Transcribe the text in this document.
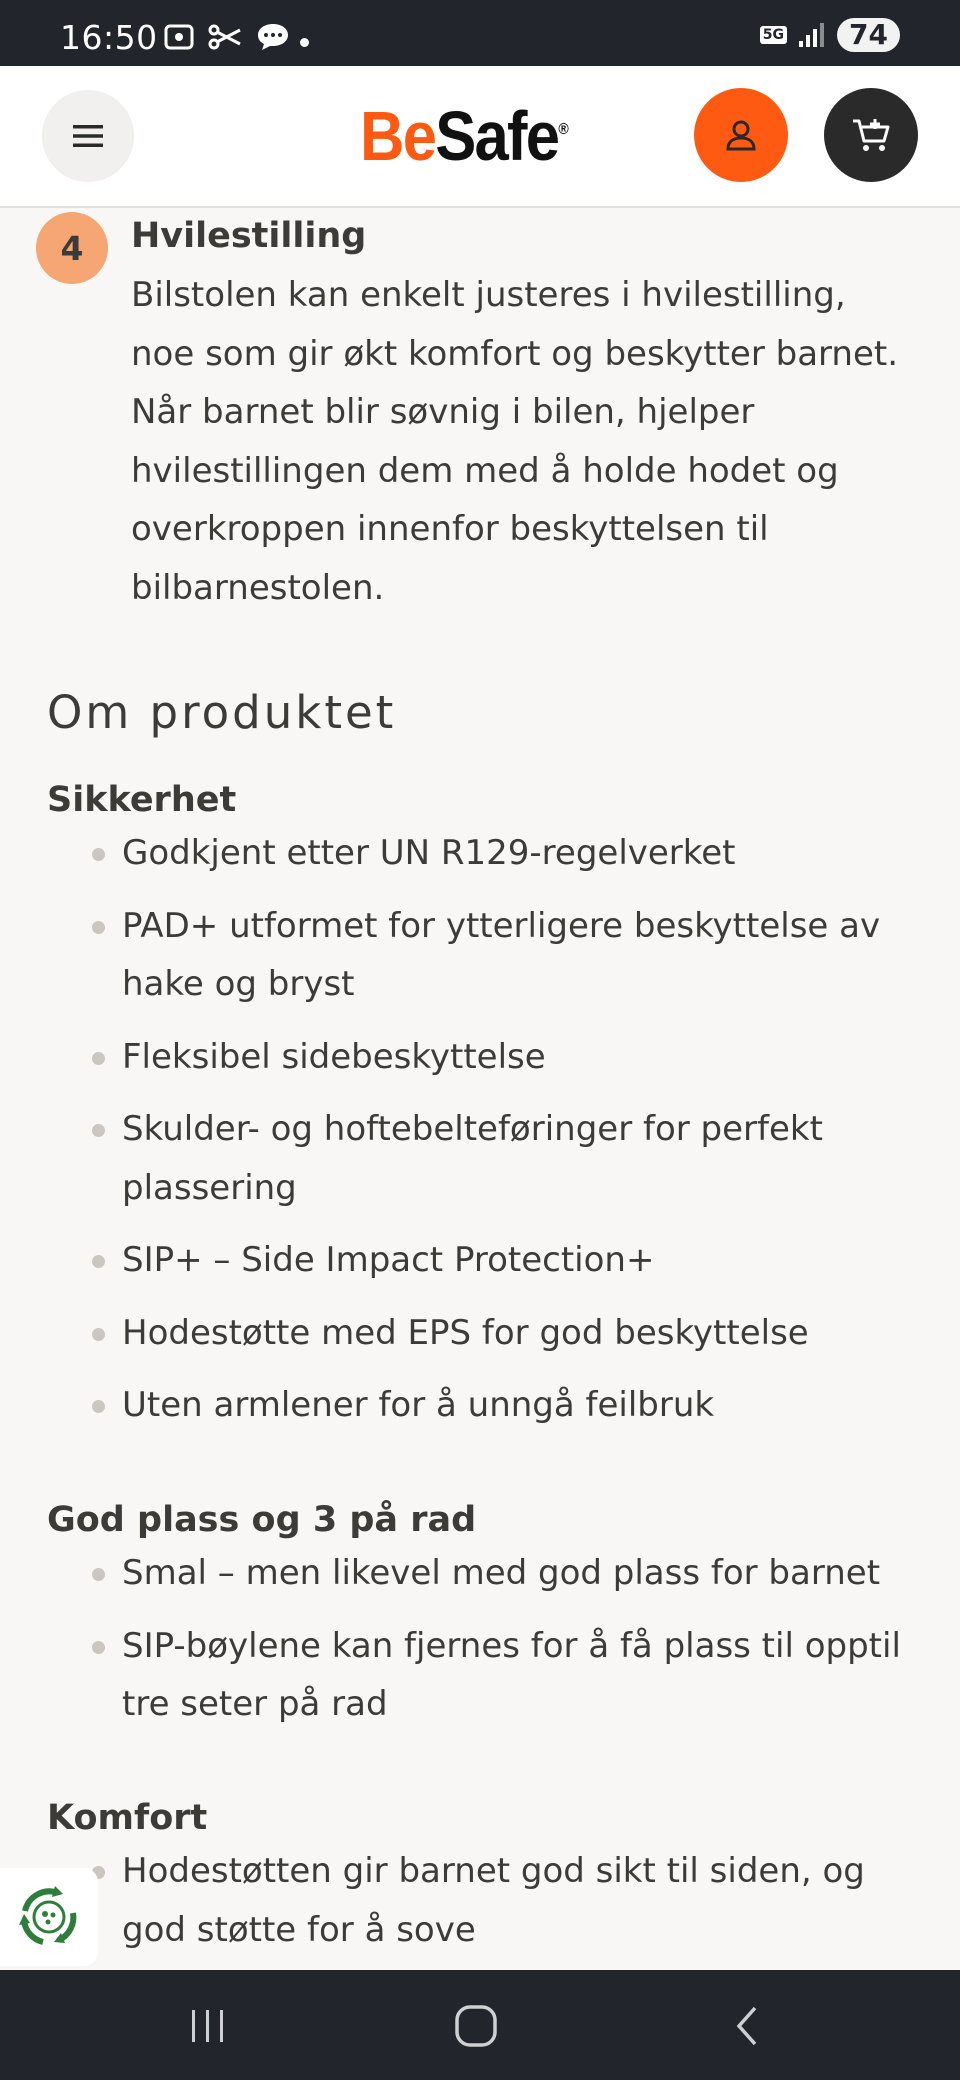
16:50	5G	74
BeSafe®
4	Hvilestilling
Bilstolen kan enkelt justeres i hvilestilling, noe som gir økt komfort og beskytter barnet. Når barnet blir søvnig i bilen, hjelper hvilestillingen dem med å holde hodet og overkroppen innenfor beskyttelsen til bilbarnestolen.
Om produktet
Sikkerhet
Godkjent etter UN R129-regelverket
PAD+ utformet for ytterligere beskyttelse av hake og bryst
Fleksibel sidebeskyttelse
Skulder- og hoftebelteføringer for perfekt plassering
SIP+ – Side Impact Protection+
Hodestøtte med EPS for god beskyttelse
Uten armlener for å unngå feilbruk
God plass og 3 på rad
Smal – men likevel med god plass for barnet
SIP-bøylene kan fjernes for å få plass til opptil tre seter på rad
Komfort
Hodestøtten gir barnet god sikt til siden, og god støtte for å sove
